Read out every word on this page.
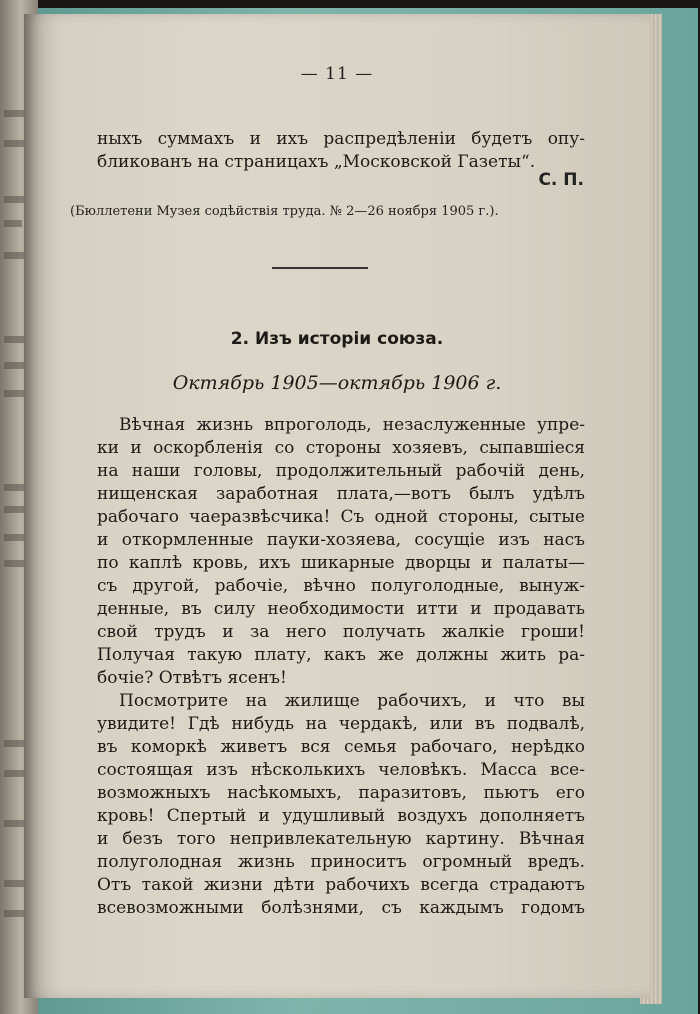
— 11 —
ныхъ суммахъ и ихъ распредѣленіи будетъ опу-
бликованъ на страницахъ „Московской Газеты“.
С. П.
(Бюллетени Музея содѣйствія труда. № 2—26 ноября 1905 г.).
2. Изъ исторіи союза.
Октябрь 1905—октябрь 1906 г.
Вѣчная жизнь впроголодь, незаслуженные упре-
ки и оскорбленія со стороны хозяевъ, сыпавшіеся
на наши головы, продолжительный рабочій день,
нищенская заработная плата,—вотъ былъ удѣлъ
рабочаго чаеразвѣсчика! Съ одной стороны, сытые
и откормленные пауки-хозяева, сосущіе изъ насъ
по каплѣ кровь, ихъ шикарные дворцы и палаты—
съ другой, рабочіе, вѣчно полуголодные, вынуж-
денные, въ силу необходимости итти и продавать
свой трудъ и за него получать жалкіе гроши!
Получая такую плату, какъ же должны жить ра-
бочіе? Отвѣтъ ясенъ!
Посмотрите на жилище рабочихъ, и что вы
увидите! Гдѣ нибудь на чердакѣ, или въ подвалѣ,
въ коморкѣ живетъ вся семья рабочаго, нерѣдко
состоящая изъ нѣсколькихъ человѣкъ. Масса все-
возможныхъ насѣкомыхъ, паразитовъ, пьютъ его
кровь! Спертый и удушливый воздухъ дополняетъ
и безъ того непривлекательную картину. Вѣчная
полуголодная жизнь приноситъ огромный вредъ.
Отъ такой жизни дѣти рабочихъ всегда страдаютъ
всевозможными болѣзнями, съ каждымъ годомъ
